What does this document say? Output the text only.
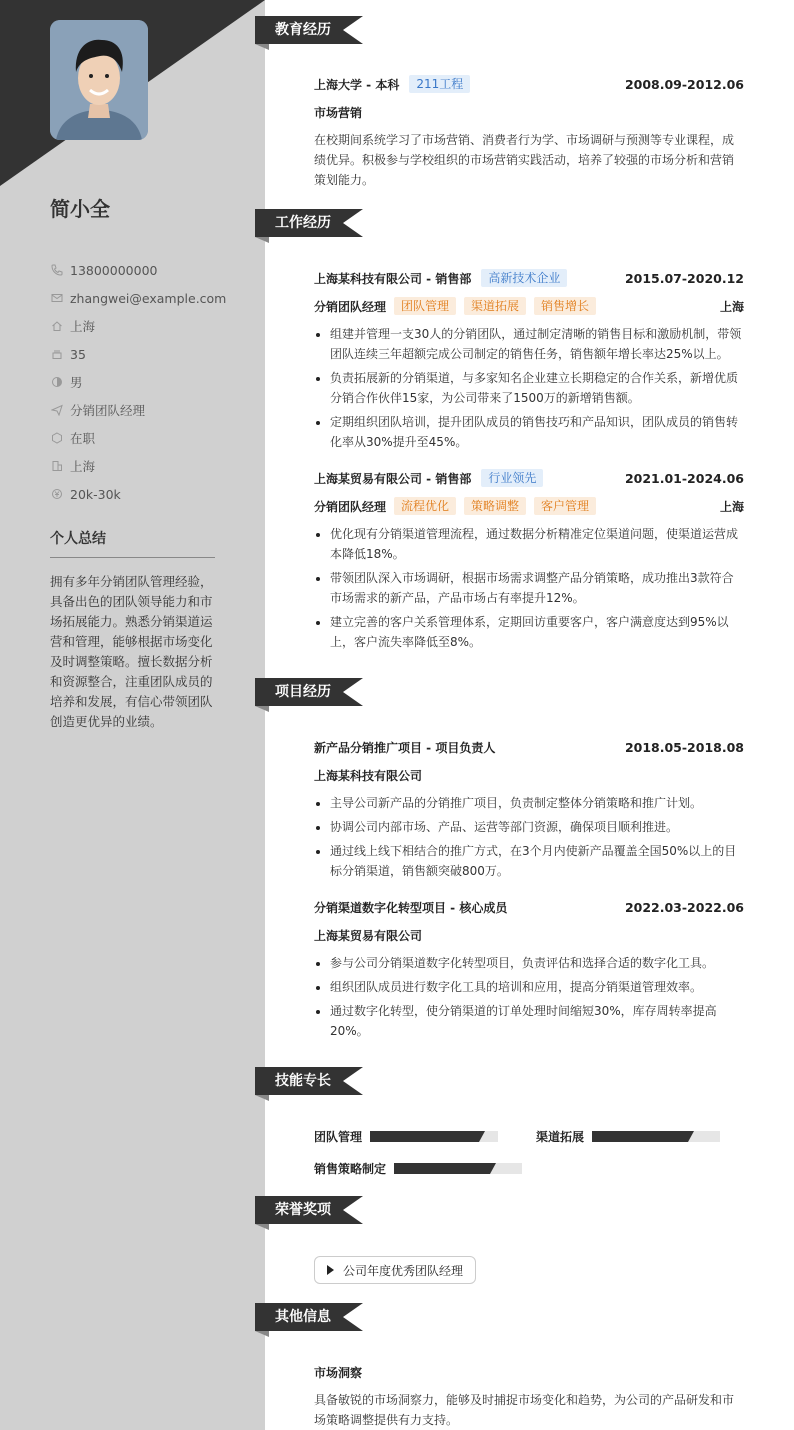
简小全
13800000000
zhangwei@example.com
上海
35
男
分销团队经理
在职
上海
20k-30k
个人总结
拥有多年分销团队管理经验，具备出色的团队领导能力和市场拓展能力。熟悉分销渠道运营和管理，能够根据市场变化及时调整策略。擅长数据分析和资源整合，注重团队成员的培养和发展，有信心带领团队创造更优异的业绩。
教育经历
上海大学 - 本科	211工程	2008.09-2012.06
市场营销
在校期间系统学习了市场营销、消费者行为学、市场调研与预测等专业课程，成绩优异。积极参与学校组织的市场营销实践活动，培养了较强的市场分析和营销策划能力。
工作经历
上海某科技有限公司 - 销售部	高新技术企业	2015.07-2020.12
分销团队经理	团队管理	渠道拓展	销售增长	上海
组建并管理一支30人的分销团队，通过制定清晰的销售目标和激励机制，带领团队连续三年超额完成公司制定的销售任务，销售额年增长率达25%以上。
负责拓展新的分销渠道，与多家知名企业建立长期稳定的合作关系，新增优质分销合作伙伴15家，为公司带来了1500万的新增销售额。
定期组织团队培训，提升团队成员的销售技巧和产品知识，团队成员的销售转化率从30%提升至45%。
上海某贸易有限公司 - 销售部	行业领先	2021.01-2024.06
分销团队经理	流程优化	策略调整	客户管理	上海
优化现有分销渠道管理流程，通过数据分析精准定位渠道问题，使渠道运营成本降低18%。
带领团队深入市场调研，根据市场需求调整产品分销策略，成功推出3款符合市场需求的新产品，产品市场占有率提升12%。
建立完善的客户关系管理体系，定期回访重要客户，客户满意度达到95%以上，客户流失率降低至8%。
项目经历
新产品分销推广项目 - 项目负责人	2018.05-2018.08
上海某科技有限公司
主导公司新产品的分销推广项目，负责制定整体分销策略和推广计划。
协调公司内部市场、产品、运营等部门资源，确保项目顺利推进。
通过线上线下相结合的推广方式，在3个月内使新产品覆盖全国50%以上的目标分销渠道，销售额突破800万。
分销渠道数字化转型项目 - 核心成员	2022.03-2022.06
上海某贸易有限公司
参与公司分销渠道数字化转型项目，负责评估和选择合适的数字化工具。
组织团队成员进行数字化工具的培训和应用，提高分销渠道管理效率。
通过数字化转型，使分销渠道的订单处理时间缩短30%，库存周转率提高20%。
技能专长
团队管理	渠道拓展
销售策略制定
荣誉奖项
公司年度优秀团队经理
其他信息
市场洞察
具备敏锐的市场洞察力，能够及时捕捉市场变化和趋势，为公司的产品研发和市场策略调整提供有力支持。
